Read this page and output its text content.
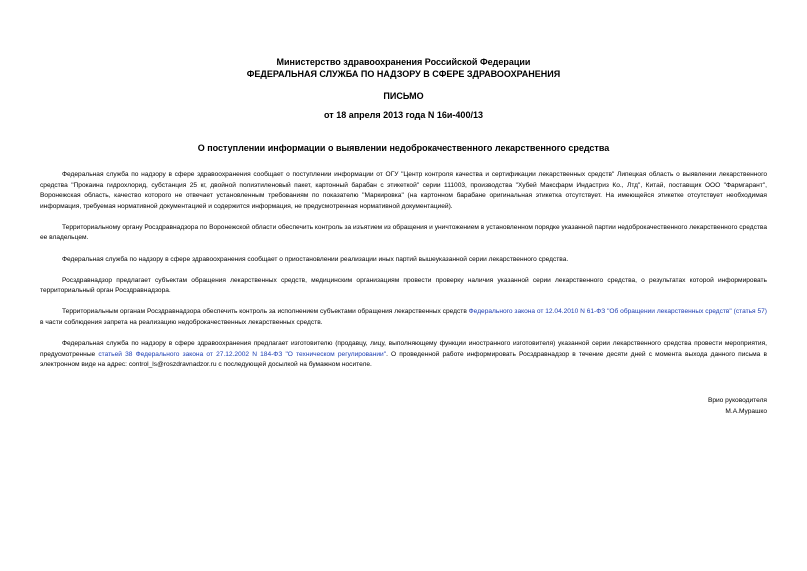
Министерство здравоохранения Российской Федерации
ФЕДЕРАЛЬНАЯ СЛУЖБА ПО НАДЗОРУ В СФЕРЕ ЗДРАВООХРАНЕНИЯ
ПИСЬМО
от 18 апреля 2013 года N 16и-400/13
О поступлении информации о выявлении недоброкачественного лекарственного средства

Федеральная служба по надзору в сфере здравоохранения сообщает о поступлении информации от ОГУ "Центр контроля качества и сертификации лекарственных средств" Липецкая область о выявлении лекарственного средства "Прокаина гидрохлорид, субстанция 25 кг, двойной полиэтиленовый пакет, картонный барабан с этикеткой" серии 111003, производства "Хубей Максфарм Индастриз Ко., Лтд", Китай, поставщик ООО "Фармгарант", Воронежская область, качество которого не отвечает установленным требованиям по показателю "Маркировка" (на картонном барабане оригинальная этикетка отсутствует. На имеющейся этикетке отсутствует необходимая информация, требуемая нормативной документацией и содержится информация, не предусмотренная нормативной документацией).

Территориальному органу Росздравнадзора по Воронежской области обеспечить контроль за изъятием из обращения и уничтожением в установленном порядке указанной партии недоброкачественного лекарственного средства ее владельцем.

Федеральная служба по надзору в сфере здравоохранения сообщает о приостановлении реализации иных партий вышеуказанной серии лекарственного средства.

Росздравнадзор предлагает субъектам обращения лекарственных средств, медицинским организациям провести проверку наличия указанной серии лекарственного средства, о результатах которой информировать территориальный орган Росздравнадзора.

Территориальным органам Росздравнадзора обеспечить контроль за исполнением субъектами обращения лекарственных средств Федерального закона от 12.04.2010 N 61-ФЗ "Об обращении лекарственных средств" (статья 57) в части соблюдения запрета на реализацию недоброкачественных лекарственных средств.

Федеральная служба по надзору в сфере здравоохранения предлагает изготовителю (продавцу, лицу, выполняющему функции иностранного изготовителя) указанной серии лекарственного средства провести мероприятия, предусмотренные статьей 38 Федерального закона от 27.12.2002 N 184-ФЗ "О техническом регулировании". О проведенной работе информировать Росздравнадзор в течение десяти дней с момента выхода данного письма в электронном виде на адрес: control_ls@roszdravnadzor.ru с последующей досылкой на бумажном носителе.

Врио руководителя
М.А.Мурашко
